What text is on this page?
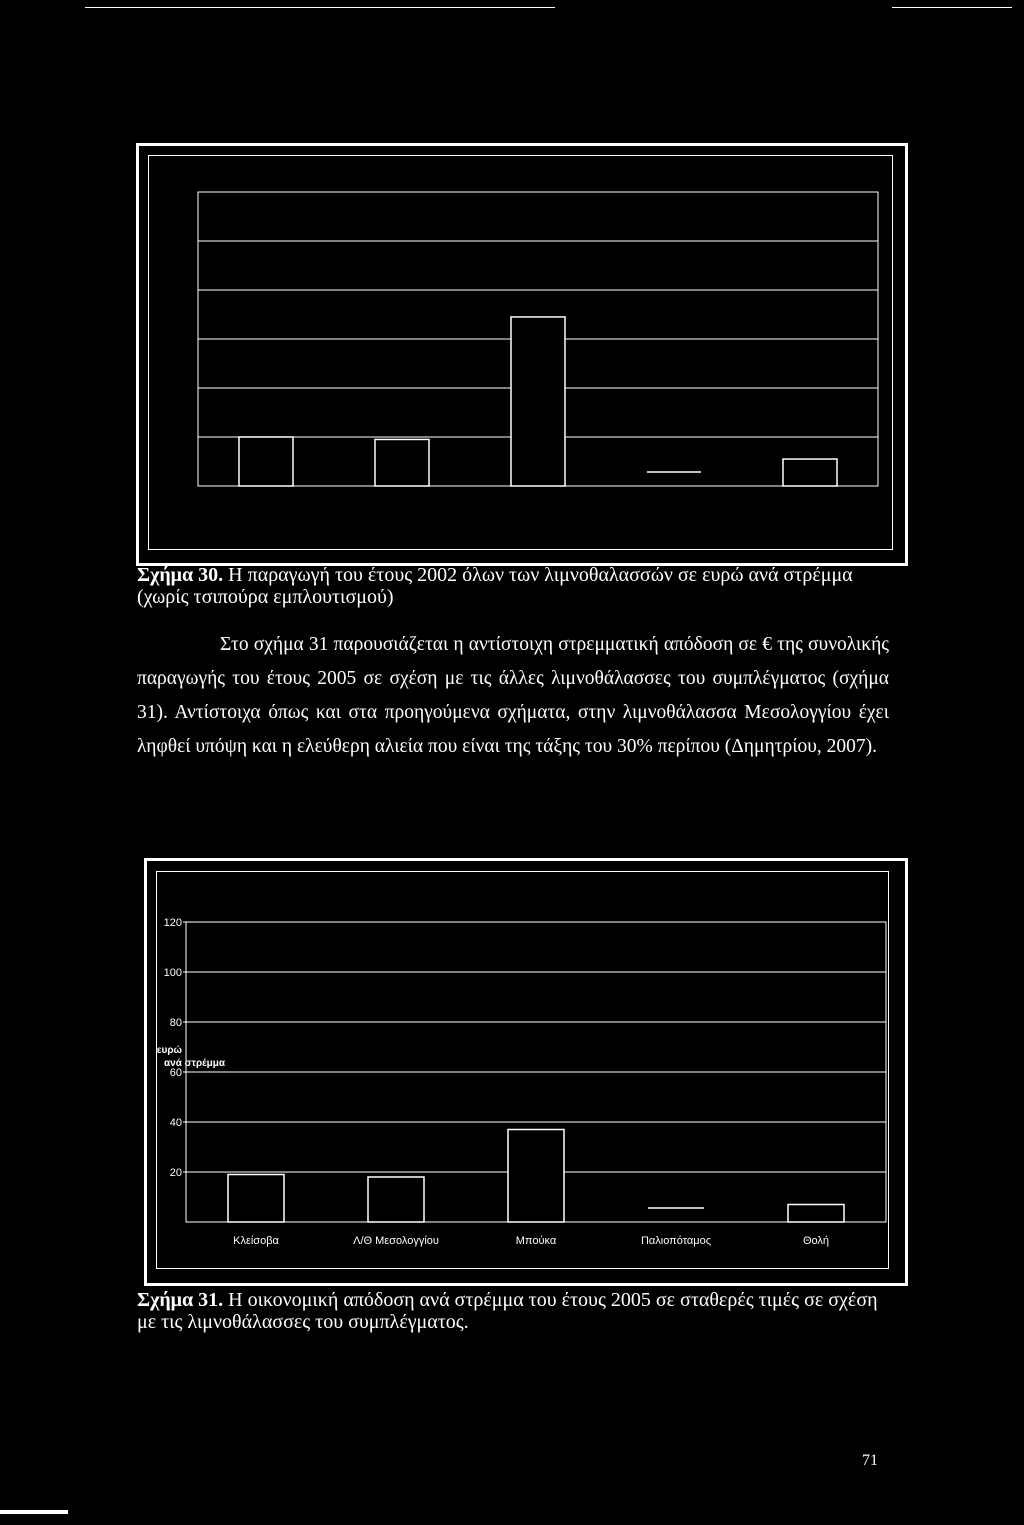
Σχήμα 30. Η παραγωγή του έτους 2002 όλων των λιμνοθαλασσών σε ευρώ ανά στρέμμα (χωρίς τσιπούρα εμπλουτισμού)

Στο σχήμα 31 παρουσιάζεται η αντίστοιχη στρεμματική απόδοση σε € της συνολικής παραγωγής του έτους 2005 σε σχέση με τις άλλες λιμνοθάλασσες του συμπλέγματος (σχήμα 31). Αντίστοιχα όπως και στα προηγούμενα σχήματα, στην λιμνοθάλασσα Μεσολογγίου έχει ληφθεί υπόψη και η ελεύθερη αλιεία που είναι της τάξης του 30% περίπου (Δημητρίου, 2007).

20
40
60
80
100
120
ευρώ
ανά στρέμμα
Κλείσοβα	Λ/Θ Μεσολογγίου	Μπούκα	Παλιοπόταμος	Θολή
Σχήμα 31. Η οικονομική απόδοση ανά στρέμμα του έτους 2005 σε σταθερές τιμές σε σχέση με τις λιμνοθάλασσες του συμπλέγματος.
71
